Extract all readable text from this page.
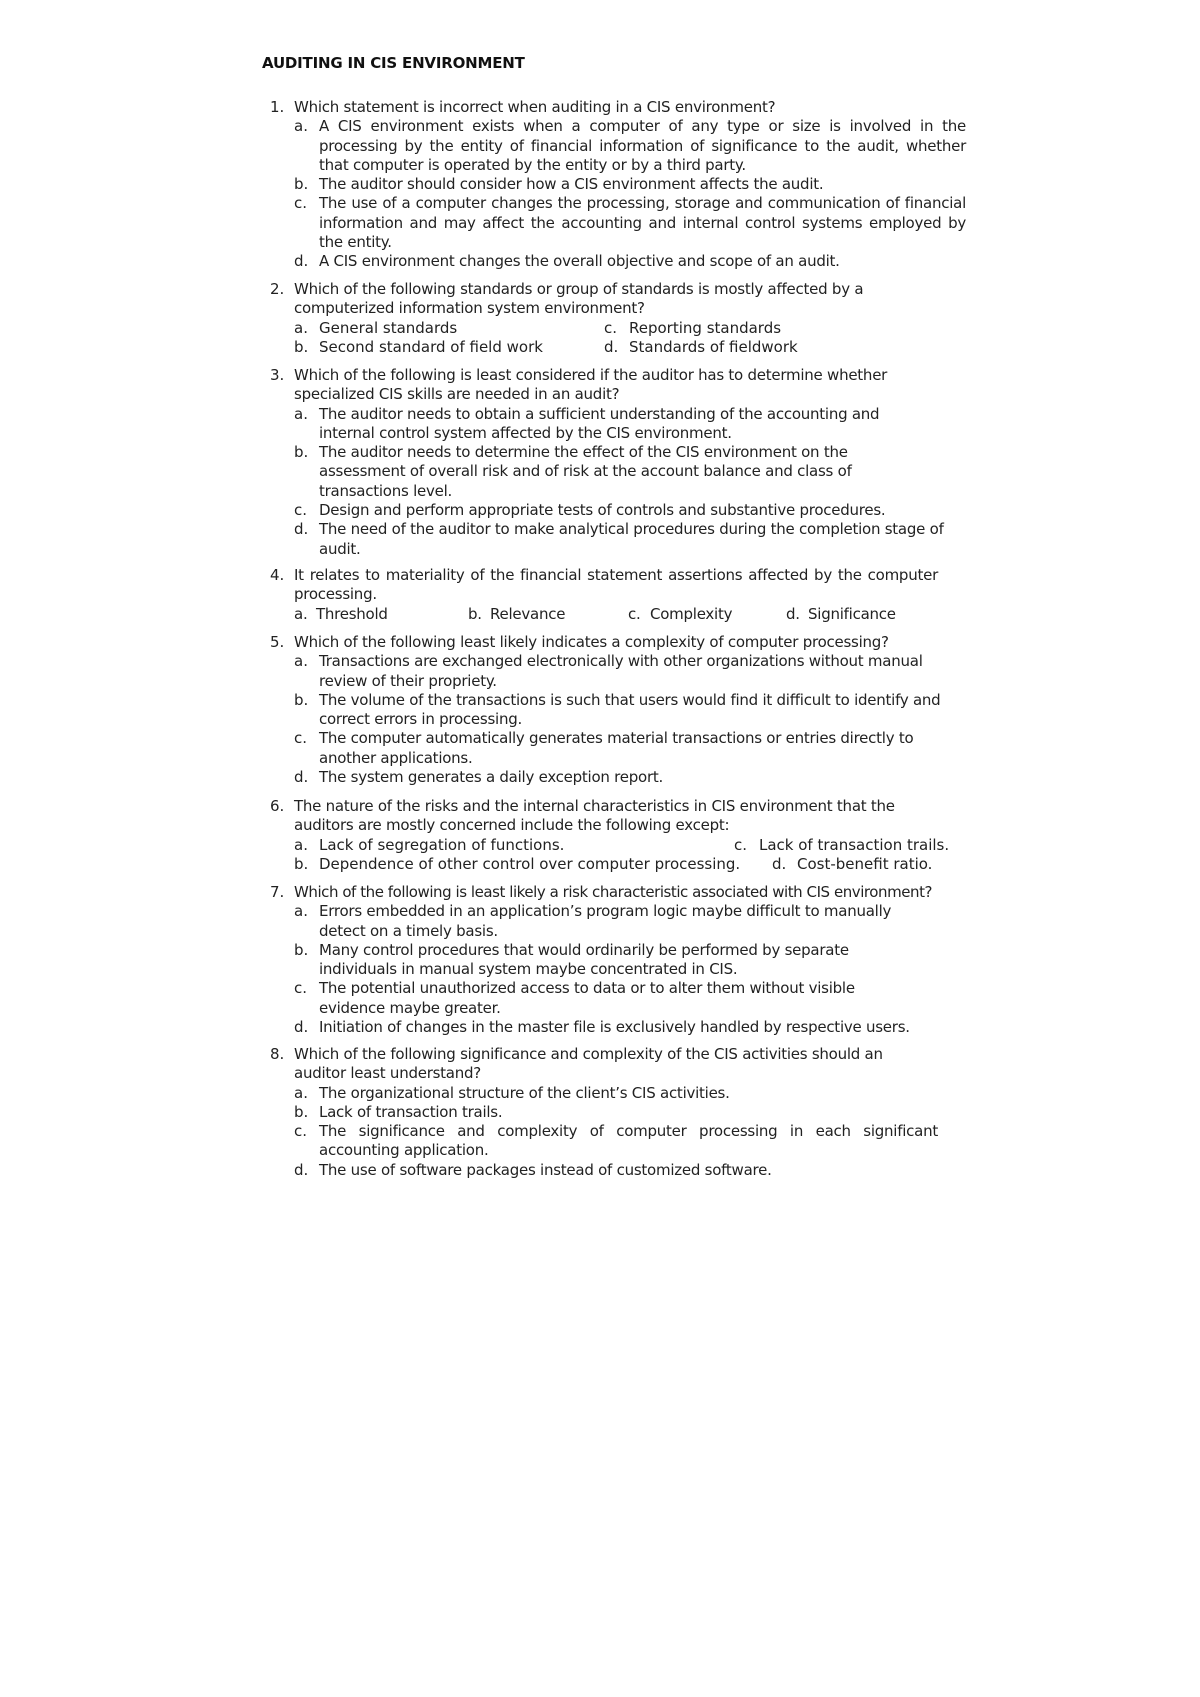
AUDITING IN CIS ENVIRONMENT
1. Which statement is incorrect when auditing in a CIS environment?
a. A CIS environment exists when a computer of any type or size is involved in the processing by the entity of financial information of significance to the audit, whether that computer is operated by the entity or by a third party.
b. The auditor should consider how a CIS environment affects the audit.
c. The use of a computer changes the processing, storage and communication of financial information and may affect the accounting and internal control systems employed by the entity.
d. A CIS environment changes the overall objective and scope of an audit.
2. Which of the following standards or group of standards is mostly affected by a computerized information system environment?
a. General standards	c. Reporting standards
b. Second standard of field work	d. Standards of fieldwork
3. Which of the following is least considered if the auditor has to determine whether specialized CIS skills are needed in an audit?
a. The auditor needs to obtain a sufficient understanding of the accounting and internal control system affected by the CIS environment.
b. The auditor needs to determine the effect of the CIS environment on the assessment of overall risk and of risk at the account balance and class of transactions level.
c. Design and perform appropriate tests of controls and substantive procedures.
d. The need of the auditor to make analytical procedures during the completion stage of audit.
4. It relates to materiality of the financial statement assertions affected by the computer processing.
a. Threshold	b. Relevance	c. Complexity	d. Significance
5. Which of the following least likely indicates a complexity of computer processing?
a. Transactions are exchanged electronically with other organizations without manual review of their propriety.
b. The volume of the transactions is such that users would find it difficult to identify and correct errors in processing.
c. The computer automatically generates material transactions or entries directly to another applications.
d. The system generates a daily exception report.
6. The nature of the risks and the internal characteristics in CIS environment that the auditors are mostly concerned include the following except:
a. Lack of segregation of functions.	c. Lack of transaction trails.
b. Dependence of other control over computer processing. d. Cost-benefit ratio.
7. Which of the following is least likely a risk characteristic associated with CIS environment?
a. Errors embedded in an application’s program logic maybe difficult to manually detect on a timely basis.
b. Many control procedures that would ordinarily be performed by separate individuals in manual system maybe concentrated in CIS.
c. The potential unauthorized access to data or to alter them without visible evidence maybe greater.
d. Initiation of changes in the master file is exclusively handled by respective users.
8. Which of the following significance and complexity of the CIS activities should an auditor least understand?
a. The organizational structure of the client’s CIS activities.
b. Lack of transaction trails.
c. The significance and complexity of computer processing in each significant accounting application.
d. The use of software packages instead of customized software.
